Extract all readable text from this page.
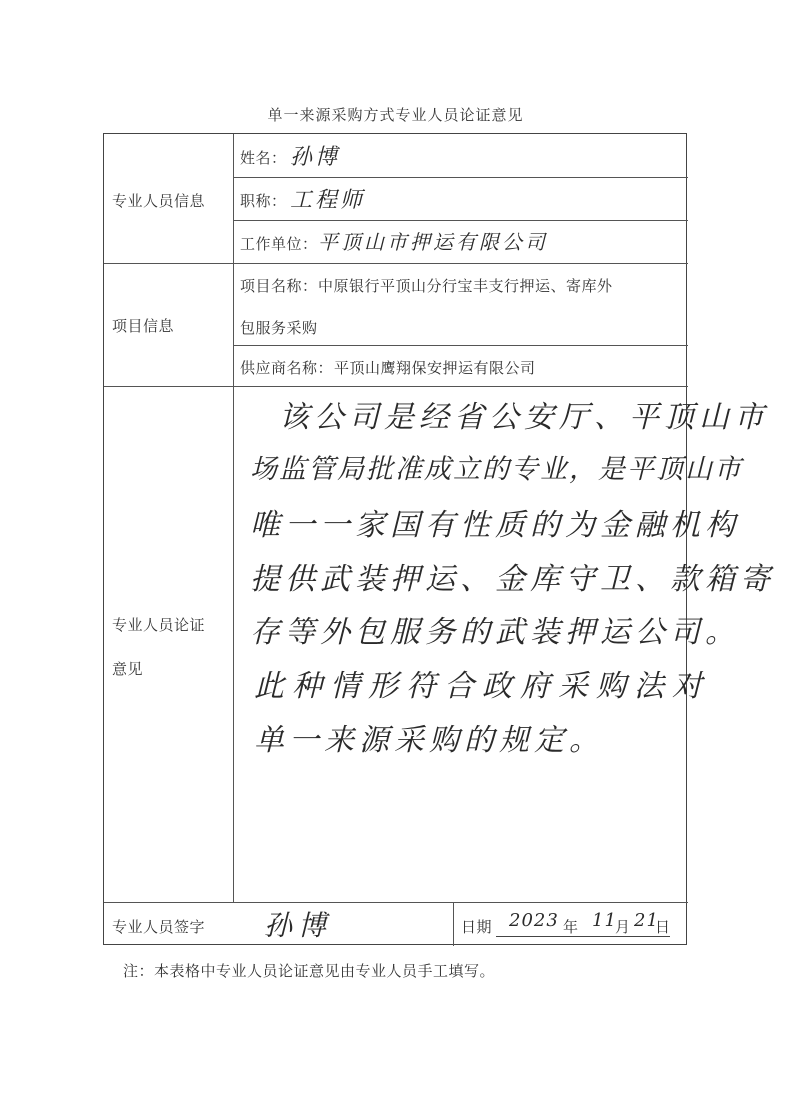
单一来源采购方式专业人员论证意见
专业人员信息
姓名： 孙博
职称： 工程师
工作单位： 平顶山市押运有限公司
项目信息
项目名称： 中原银行平顶山分行宝丰支行押运、寄库外
包服务采购
供应商名称： 平顶山鹰翔保安押运有限公司
专业人员论证
意见
该公司是经省公安厅、平顶山市
场监管局批准成立的专业，是平顶山市
唯一一家国有性质的为金融机构
提供武装押运、金库守卫、款箱寄
存等外包服务的武装押运公司。
此种情形符合政府采购法对
单一来源采购的规定。
专业人员签字 孙博	日期 2023 年 11
月 21
日
注：本表格中专业人员论证意见由专业人员手工填写。
